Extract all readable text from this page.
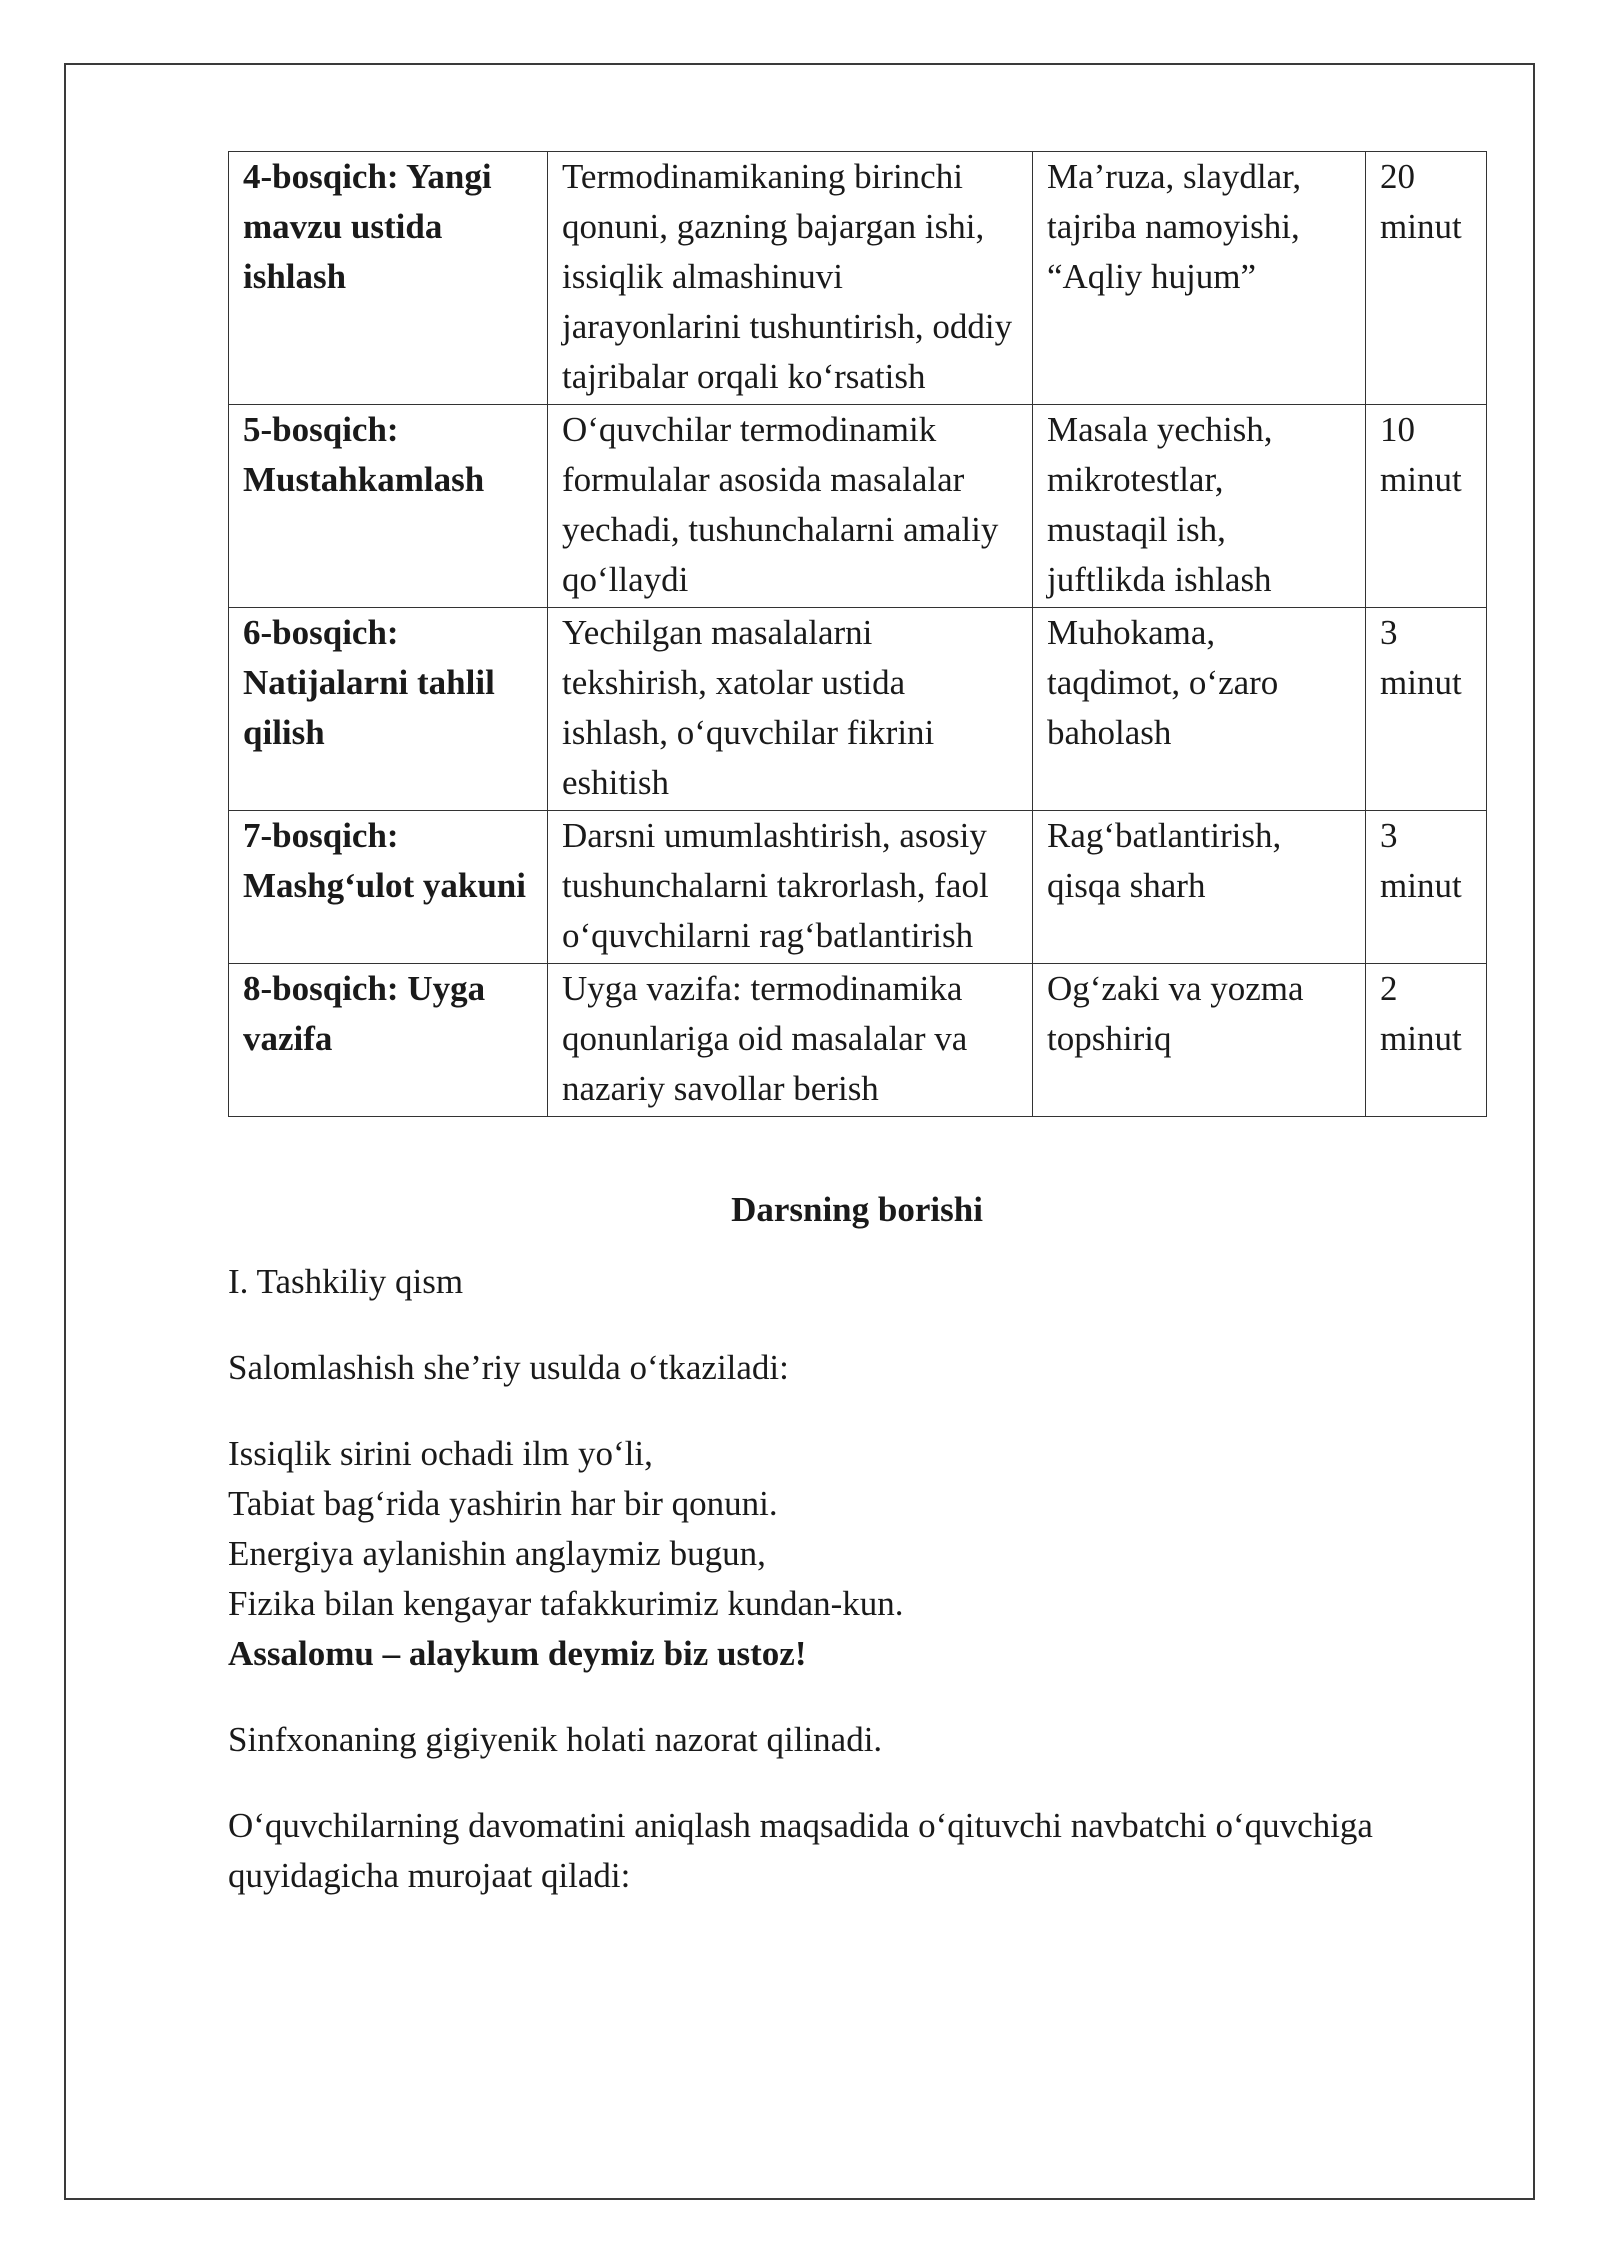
4-bosqich: Yangi mavzu ustida ishlash	Termodinamikaning birinchi qonuni, gazning bajargan ishi, issiqlik almashinuvi jarayonlarini tushuntirish, oddiy tajribalar orqali ko‘rsatish	Ma’ruza, slaydlar, tajriba namoyishi, “Aqliy hujum”	20 minut
5-bosqich: Mustahkamlash	O‘quvchilar termodinamik formulalar asosida masalalar yechadi, tushunchalarni amaliy qo‘llaydi	Masala yechish, mikrotestlar, mustaqil ish, juftlikda ishlash	10 minut
6-bosqich: Natijalarni tahlil qilish	Yechilgan masalalarni tekshirish, xatolar ustida ishlash, o‘quvchilar fikrini eshitish	Muhokama, taqdimot, o‘zaro baholash	3 minut
7-bosqich: Mashg‘ulot yakuni	Darsni umumlashtirish, asosiy tushunchalarni takrorlash, faol o‘quvchilarni rag‘batlantirish	Rag‘batlantirish, qisqa sharh	3 minut
8-bosqich: Uyga vazifa	Uyga vazifa: termodinamika qonunlariga oid masalalar va nazariy savollar berish	Og‘zaki va yozma topshiriq	2 minut
Darsning borishi

I. Tashkiliy qism

Salomlashish she’riy usulda o‘tkaziladi:

Issiqlik sirini ochadi ilm yo‘li,
Tabiat bag‘rida yashirin har bir qonuni.
Energiya aylanishin anglaymiz bugun,
Fizika bilan kengayar tafakkurimiz kundan-kun.
Assalomu – alaykum deymiz biz ustoz!

Sinfxonaning gigiyenik holati nazorat qilinadi.

O‘quvchilarning davomatini aniqlash maqsadida o‘qituvchi navbatchi o‘quvchiga quyidagicha murojaat qiladi:
